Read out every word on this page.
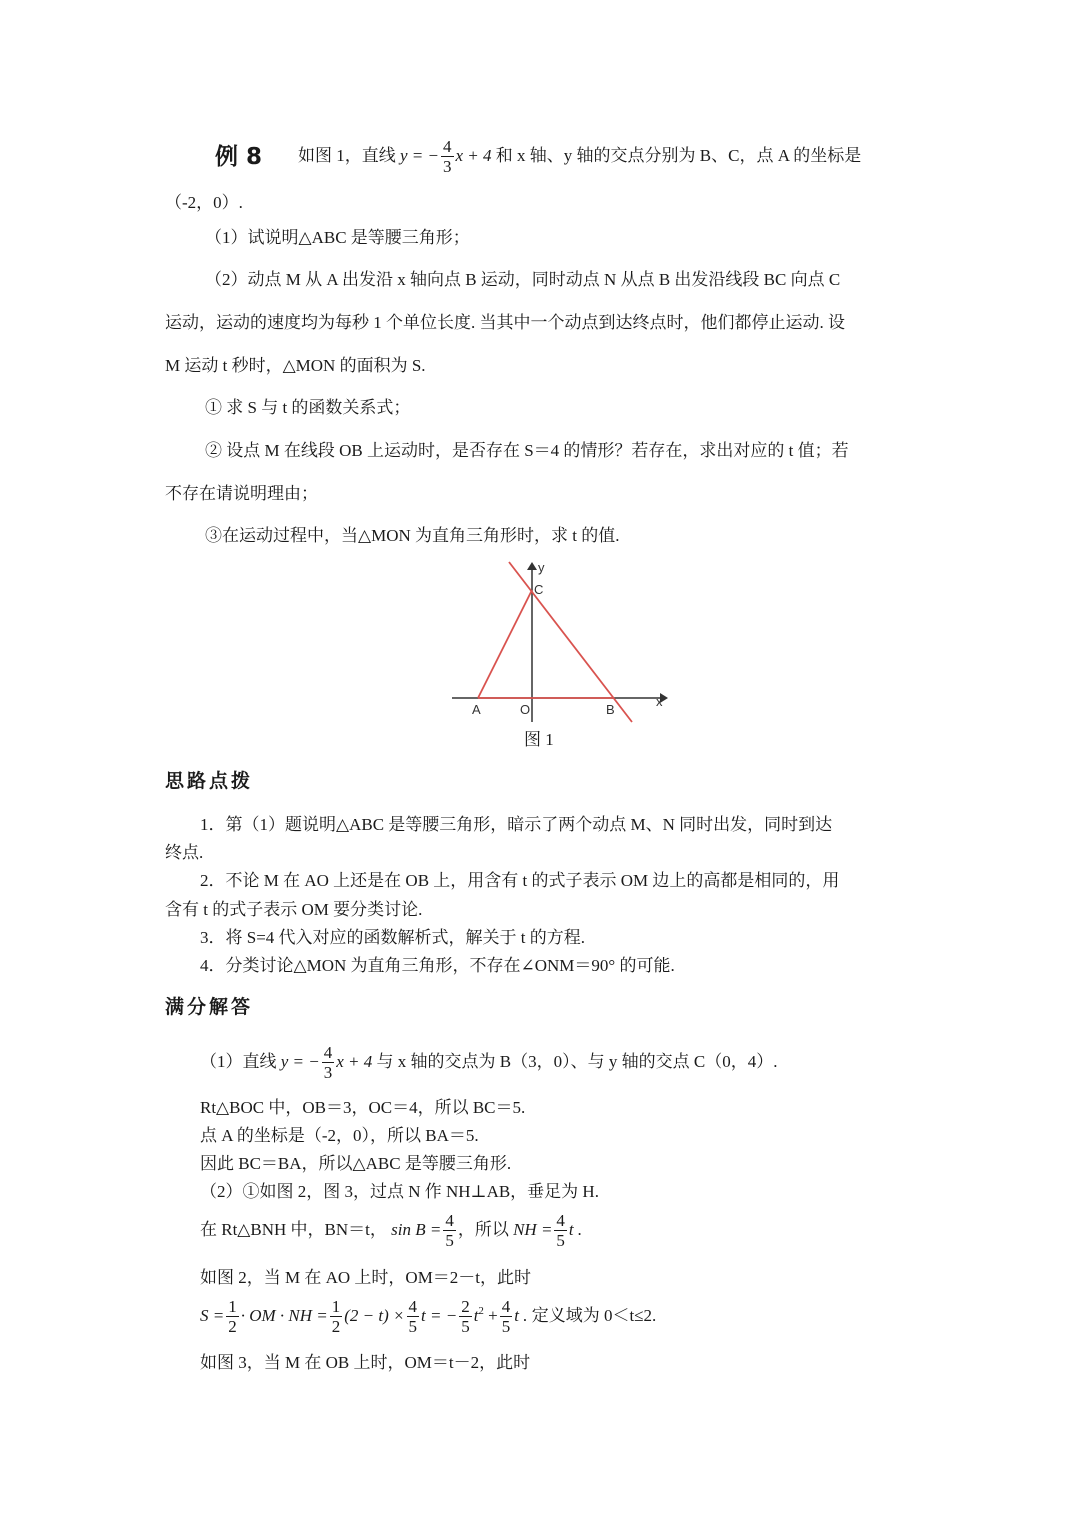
例 8 如图 1，直线 y = − $\frac{4}{3}$ x + 4 和 x 轴、y 轴的交点分别为 B、C，点 A 的坐标是
（-2，0）.
（1）试说明△ABC 是等腰三角形；
（2）动点 M 从 A 出发沿 x 轴向点 B 运动，同时动点 N 从点 B 出发沿线段 BC 向点 C
运动，运动的速度均为每秒 1 个单位长度. 当其中一个动点到达终点时，他们都停止运动. 设
M 运动 t 秒时，△MON 的面积为 S.
① 求 S 与 t 的函数关系式；
② 设点 M 在线段 OB 上运动时，是否存在 S＝4 的情形？若存在，求出对应的 t 值；若
不存在请说明理由；
③在运动过程中，当△MON 为直角三角形时，求 t 的值.
y
C
x
A	O	B
图 1
思路点拨
1．第（1）题说明△ABC 是等腰三角形，暗示了两个动点 M、N 同时出发，同时到达
终点.
2．不论 M 在 AO 上还是在 OB 上，用含有 t 的式子表示 OM 边上的高都是相同的，用
含有 t 的式子表示 OM 要分类讨论.
3．将 S=4 代入对应的函数解析式，解关于 t 的方程.
4．分类讨论△MON 为直角三角形，不存在∠ONM＝90° 的可能.
满分解答
（1）直线 y = − $\frac{4}{3}$ x + 4 与 x 轴的交点为 B（3，0）、与 y 轴的交点 C（0，4）.
Rt△BOC 中，OB＝3，OC＝4，所以 BC＝5.
点 A 的坐标是（-2，0），所以 BA＝5.
因此 BC＝BA，所以△ABC 是等腰三角形.
（2）①如图 2，图 3，过点 N 作 NH⊥AB，垂足为 H.
在 Rt△BNH 中，BN＝t， $\sin B = \frac{4}{5}$ ，所以 NH = $\frac{4}{5}$ t .
如图 2，当 M 在 AO 上时，OM＝2－t，此时
$S = \frac{1}{2}$ · OM · NH = $\frac{1}{2} (2 - t) \times \frac{4}{5}$ t = − $\frac{2}{5} t^2 + \frac{4}{5}$ t . 定义域为 0＜t≤2.
如图 3，当 M 在 OB 上时，OM＝t－2，此时
